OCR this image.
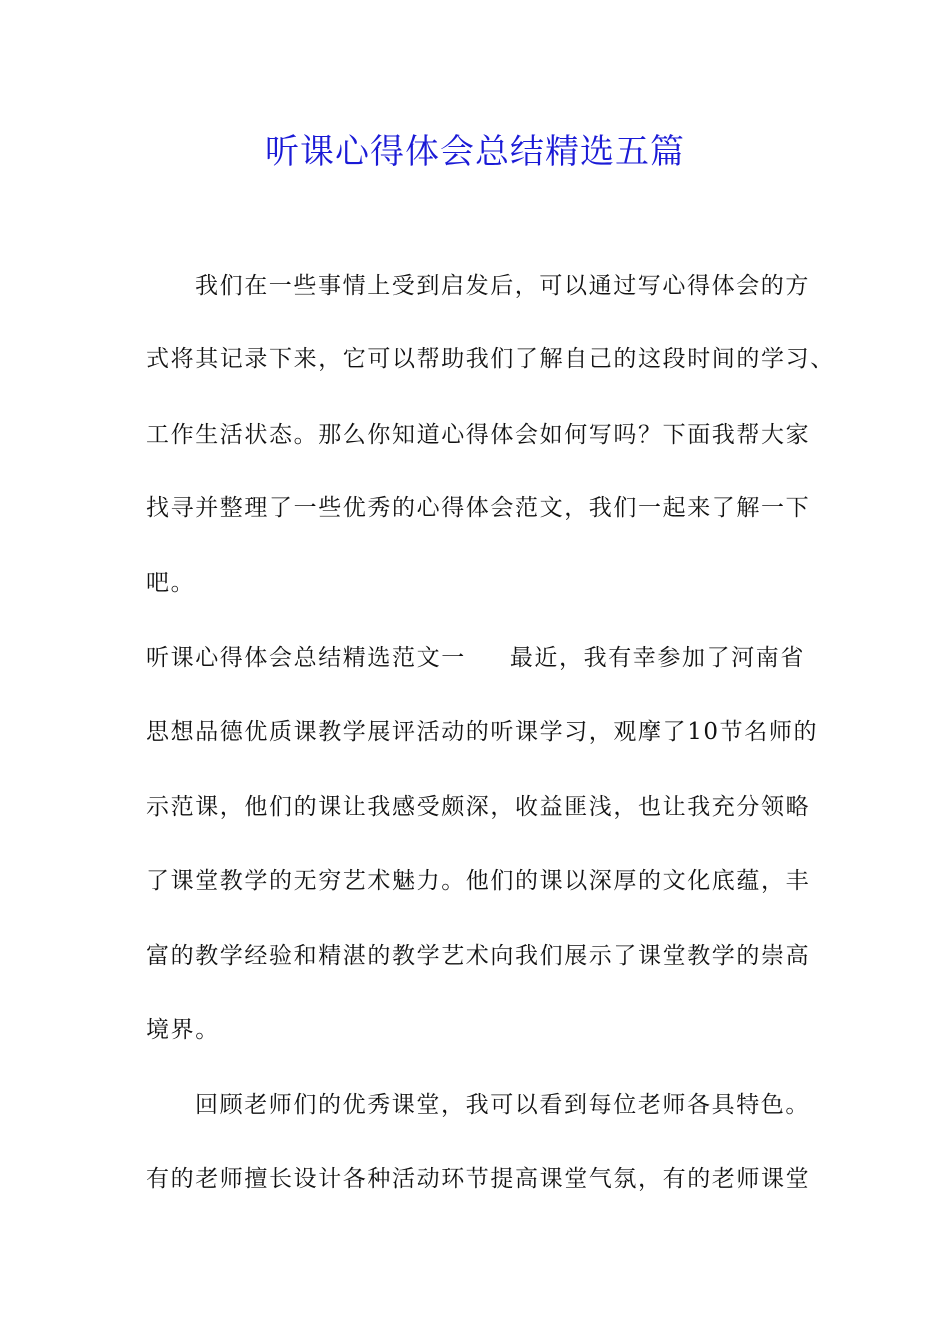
听课心得体会总结精选五篇
我们在一些事情上受到启发后，可以通过写心得体会的方
式将其记录下来，它可以帮助我们了解自己的这段时间的学习、
工作生活状态。那么你知道心得体会如何写吗？下面我帮大家
找寻并整理了一些优秀的心得体会范文，我们一起来了解一下
吧。
听课心得体会总结精选范文一 最近，我有幸参加了河南省
思想品德优质课教学展评活动的听课学习，观摩了10节名师的
示范课，他们的课让我感受颇深，收益匪浅，也让我充分领略
了课堂教学的无穷艺术魅力。他们的课以深厚的文化底蕴，丰
富的教学经验和精湛的教学艺术向我们展示了课堂教学的崇高
境界。
回顾老师们的优秀课堂，我可以看到每位老师各具特色。
有的老师擅长设计各种活动环节提高课堂气氛，有的老师课堂
